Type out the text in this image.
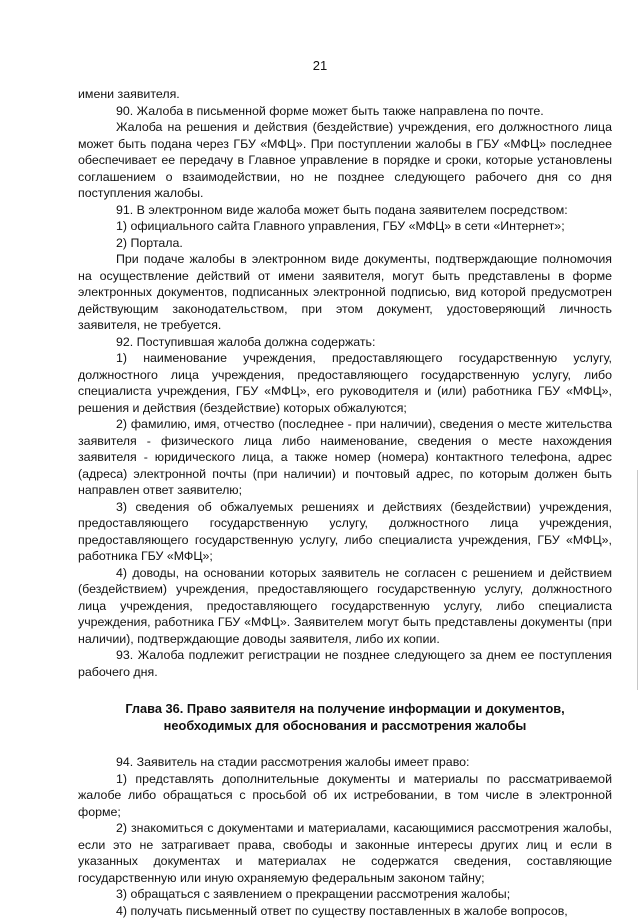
21

имени заявителя.

90. Жалоба в письменной форме может быть также направлена по почте.

Жалоба на решения и действия (бездействие) учреждения, его должностного лица может быть подана через ГБУ «МФЦ». При поступлении жалобы в ГБУ «МФЦ» последнее обеспечивает ее передачу в Главное управление в порядке и сроки, которые установлены соглашением о взаимодействии, но не позднее следующего рабочего дня со дня поступления жалобы.

91. В электронном виде жалоба может быть подана заявителем посредством:

1) официального сайта Главного управления, ГБУ «МФЦ» в сети «Интернет»;

2) Портала.

При подаче жалобы в электронном виде документы, подтверждающие полномочия на осуществление действий от имени заявителя, могут быть представлены в форме электронных документов, подписанных электронной подписью, вид которой предусмотрен действующим законодательством, при этом документ, удостоверяющий личность заявителя, не требуется.

92. Поступившая жалоба должна содержать:

1) наименование учреждения, предоставляющего государственную услугу, должностного лица учреждения, предоставляющего государственную услугу, либо специалиста учреждения, ГБУ «МФЦ», его руководителя и (или) работника ГБУ «МФЦ», решения и действия (бездействие) которых обжалуются;

2) фамилию, имя, отчество (последнее - при наличии), сведения о месте жительства заявителя - физического лица либо наименование, сведения о месте нахождения заявителя - юридического лица, а также номер (номера) контактного телефона, адрес (адреса) электронной почты (при наличии) и почтовый адрес, по которым должен быть направлен ответ заявителю;

3) сведения об обжалуемых решениях и действиях (бездействии) учреждения, предоставляющего государственную услугу, должностного лица учреждения, предоставляющего государственную услугу, либо специалиста учреждения, ГБУ «МФЦ», работника ГБУ «МФЦ»;

4) доводы, на основании которых заявитель не согласен с решением и действием (бездействием) учреждения, предоставляющего государственную услугу, должностного лица учреждения, предоставляющего государственную услугу, либо специалиста учреждения, работника ГБУ «МФЦ». Заявителем могут быть представлены документы (при наличии), подтверждающие доводы заявителя, либо их копии.

93. Жалоба подлежит регистрации не позднее следующего за днем ее поступления рабочего дня.

Глава 36. Право заявителя на получение информации и документов,
необходимых для обоснования и рассмотрения жалобы

94. Заявитель на стадии рассмотрения жалобы имеет право:

1) представлять дополнительные документы и материалы по рассматриваемой жалобе либо обращаться с просьбой об их истребовании, в том числе в электронной форме;

2) знакомиться с документами и материалами, касающимися рассмотрения жалобы, если это не затрагивает права, свободы и законные интересы других лиц и если в указанных документах и материалах не содержатся сведения, составляющие государственную или иную охраняемую федеральным законом тайну;

3) обращаться с заявлением о прекращении рассмотрения жалобы;

4) получать письменный ответ по существу поставленных в жалобе вопросов,
